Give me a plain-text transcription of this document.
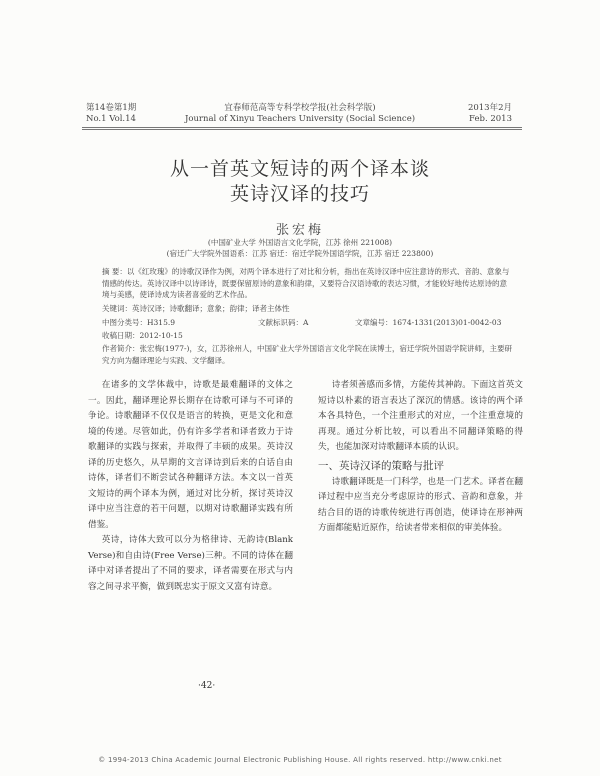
第14卷第1期
No.1 Vol.14
宜春师范高等专科学校学报(社会科学版)
Journal of Xinyu Teachers University (Social Science)
2013年2月
Feb. 2013
从一首英文短诗的两个译本谈
英诗汉译的技巧
张宏梅
(中国矿业大学 外国语言文化学院，江苏 徐州 221008)
(宿迁广大学院外国语系：江苏 宿迁：宿迁学院外国语学院，江苏 宿迁 223800)
摘 要：以《红玫瑰》的诗歌汉译作为例，对两个译本进行了对比和分析，指出在英诗汉译中应注意诗的形式、音韵、意象与情感的传达。英诗汉译中以诗译诗，既要保留原诗的意象和韵律，又要符合汉语诗歌的表达习惯，才能较好地传达原诗的意境与美感，使译诗成为读者喜爱的艺术作品。
关键词：英诗汉译；诗歌翻译；意象；韵律；译者主体性
中图分类号：H315.9	文献标识码：A	文章编号：1674-1331(2013)01-0042-03
收稿日期：2012-10-15
作者简介：张宏梅(1977-)，女，江苏徐州人，中国矿业大学外国语言文化学院在读博士，宿迁学院外国语学院讲师，主要研究方向为翻译理论与实践、文学翻译。

在诸多的文学体裁中，诗歌是最难翻译的文体之一。因此，翻译理论界长期存在诗歌可译与不可译的争论。诗歌翻译不仅仅是语言的转换，更是文化和意境的传递。尽管如此，仍有许多学者和译者致力于诗歌翻译的实践与探索，并取得了丰硕的成果。英诗汉译的历史悠久，从早期的文言译诗到后来的白话自由诗体，译者们不断尝试各种翻译方法。本文以一首英文短诗的两个译本为例，通过对比分析，探讨英诗汉译中应当注意的若干问题，以期对诗歌翻译实践有所借鉴。

英诗，诗体大致可以分为格律诗、无韵诗(Blank Verse)和自由诗(Free Verse)三种。不同的诗体在翻译中对译者提出了不同的要求，译者需要在形式与内容之间寻求平衡，做到既忠实于原文又富有诗意。

诗者须善感而多情，方能传其神韵。下面这首英文短诗以朴素的语言表达了深沉的情感。该诗的两个译本各具特色，一个注重形式的对应，一个注重意境的再现。通过分析比较，可以看出不同翻译策略的得失，也能加深对诗歌翻译本质的认识。

一、英诗汉译的策略与批评

诗歌翻译既是一门科学，也是一门艺术。译者在翻译过程中应当充分考虑原诗的形式、音韵和意象，并结合目的语的诗歌传统进行再创造，使译诗在形神两方面都能贴近原作，给读者带来相似的审美体验。

·42·
© 1994-2013 China Academic Journal Electronic Publishing House. All rights reserved. http://www.cnki.net
